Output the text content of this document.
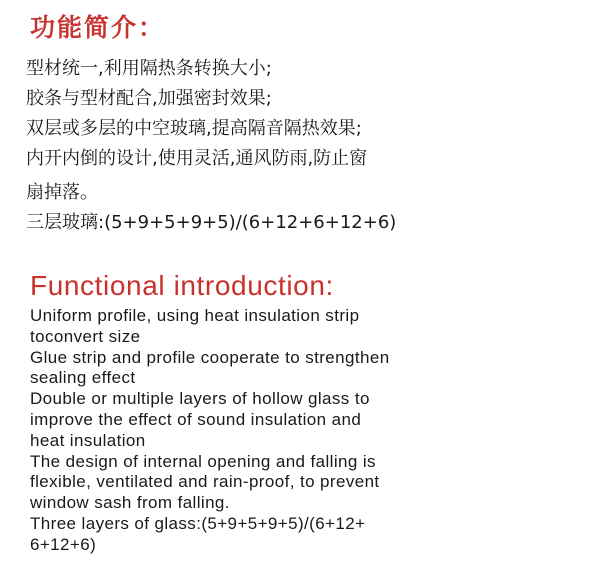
功能简介：
型材统一,利用隔热条转换大小;
胶条与型材配合,加强密封效果;
双层或多层的中空玻璃,提高隔音隔热效果;
内开内倒的设计,使用灵活,通风防雨,防止窗
扇掉落。
三层玻璃:(5+9+5+9+5)/(6+12+6+12+6)
Functional introduction:
Uniform profile, using heat insulation strip
toconvert size
Glue strip and profile cooperate to strengthen
sealing effect
Double or multiple layers of hollow glass to
improve the effect of sound insulation and
heat insulation
The design of internal opening and falling is
flexible, ventilated and rain-proof, to prevent
window sash from falling.
Three layers of glass:(5+9+5+9+5)/(6+12+
6+12+6)
